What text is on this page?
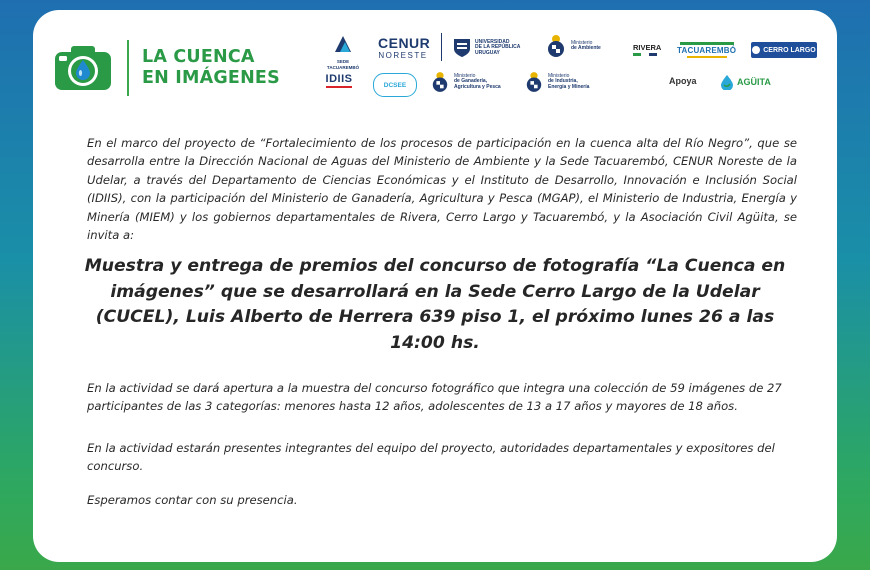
LA CUENCA
EN IMÁGENES
SEDE TACUAREMBÓ
CENUR
NORESTE
UNIVERSIDAD
DE LA REPÚBLICA
URUGUAY
Ministerio
de Ambiente	RIVERA TACUAREMBÓ	CERRO LARGO
IDIIS	DCSEE
Ministerio
de Ganadería,
Agricultura y Pesca
Ministerio
de Industria,
Energía y Minería
Apoya	AGÜITA
En el marco del proyecto de “Fortalecimiento de los procesos de participación en la cuenca alta del Río Negro”, que se desarrolla entre la Dirección Nacional de Aguas del Ministerio de Ambiente y la Sede Tacuarembó, CENUR Noreste de la Udelar, a través del Departamento de Ciencias Económicas y el Instituto de Desarrollo, Innovación e Inclusión Social (IDIIS), con la participación del Ministerio de Ganadería, Agricultura y Pesca (MGAP), el Ministerio de Industria, Energía y Minería (MIEM) y los gobiernos departamentales de Rivera, Cerro Largo y Tacuarembó, y la Asociación Civil Agüita, se invita a:
Muestra y entrega de premios del concurso de fotografía “La Cuenca en imágenes” que se desarrollará en la Sede Cerro Largo de la Udelar (CUCEL), Luis Alberto de Herrera 639 piso 1, el próximo lunes 26 a las 14:00 hs.
En la actividad se dará apertura a la muestra del concurso fotográfico que integra una colección de 59 imágenes de 27 participantes de las 3 categorías: menores hasta 12 años, adolescentes de 13 a 17 años y mayores de 18 años.
En la actividad estarán presentes integrantes del equipo del proyecto, autoridades departamentales y expositores del concurso.
Esperamos contar con su presencia.
